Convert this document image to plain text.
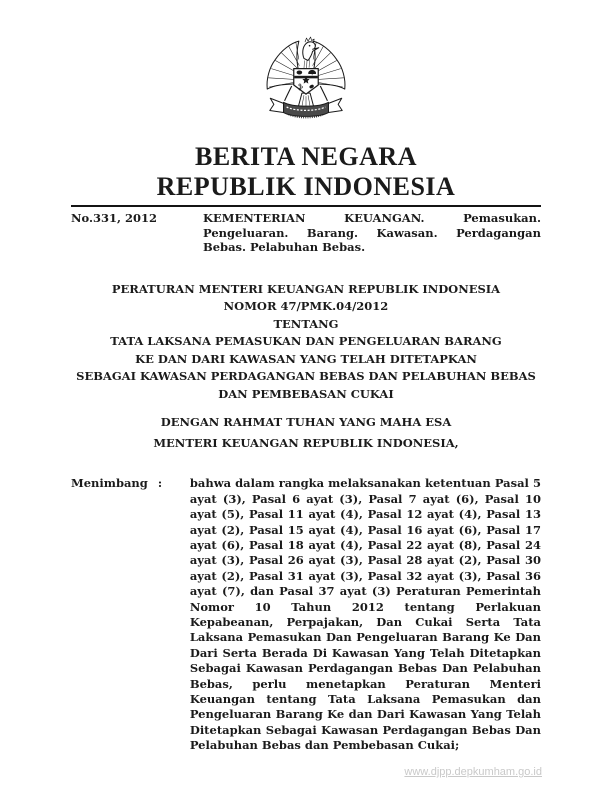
BERITA NEGARA
REPUBLIK INDONESIA
No.331, 2012	KEMENTERIAN KEUANGAN. Pemasukan. Pengeluaran. Barang. Kawasan. Perdagangan Bebas. Pelabuhan Bebas.
PERATURAN MENTERI KEUANGAN REPUBLIK INDONESIA
NOMOR 47/PMK.04/2012
TENTANG
TATA LAKSANA PEMASUKAN DAN PENGELUARAN BARANG
KE DAN DARI KAWASAN YANG TELAH DITETAPKAN
SEBAGAI KAWASAN PERDAGANGAN BEBAS DAN PELABUHAN BEBAS
DAN PEMBEBASAN CUKAI
DENGAN RAHMAT TUHAN YANG MAHA ESA
MENTERI KEUANGAN REPUBLIK INDONESIA,
Menimbang :	bahwa dalam rangka melaksanakan ketentuan Pasal 5 ayat (3), Pasal 6 ayat (3), Pasal 7 ayat (6), Pasal 10 ayat (5), Pasal 11 ayat (4), Pasal 12 ayat (4), Pasal 13 ayat (2), Pasal 15 ayat (4), Pasal 16 ayat (6), Pasal 17 ayat (6), Pasal 18 ayat (4), Pasal 22 ayat (8), Pasal 24 ayat (3), Pasal 26 ayat (3), Pasal 28 ayat (2), Pasal 30 ayat (2), Pasal 31 ayat (3), Pasal 32 ayat (3), Pasal 36 ayat (7), dan Pasal 37 ayat (3) Peraturan Pemerintah Nomor 10 Tahun 2012 tentang Perlakuan Kepabeanan, Perpajakan, Dan Cukai Serta Tata Laksana Pemasukan Dan Pengeluaran Barang Ke Dan Dari Serta Berada Di Kawasan Yang Telah Ditetapkan Sebagai Kawasan Perdagangan Bebas Dan Pelabuhan Bebas, perlu menetapkan Peraturan Menteri Keuangan tentang Tata Laksana Pemasukan dan Pengeluaran Barang Ke dan Dari Kawasan Yang Telah Ditetapkan Sebagai Kawasan Perdagangan Bebas Dan Pelabuhan Bebas dan Pembebasan Cukai;
www.djpp.depkumham.go.id
